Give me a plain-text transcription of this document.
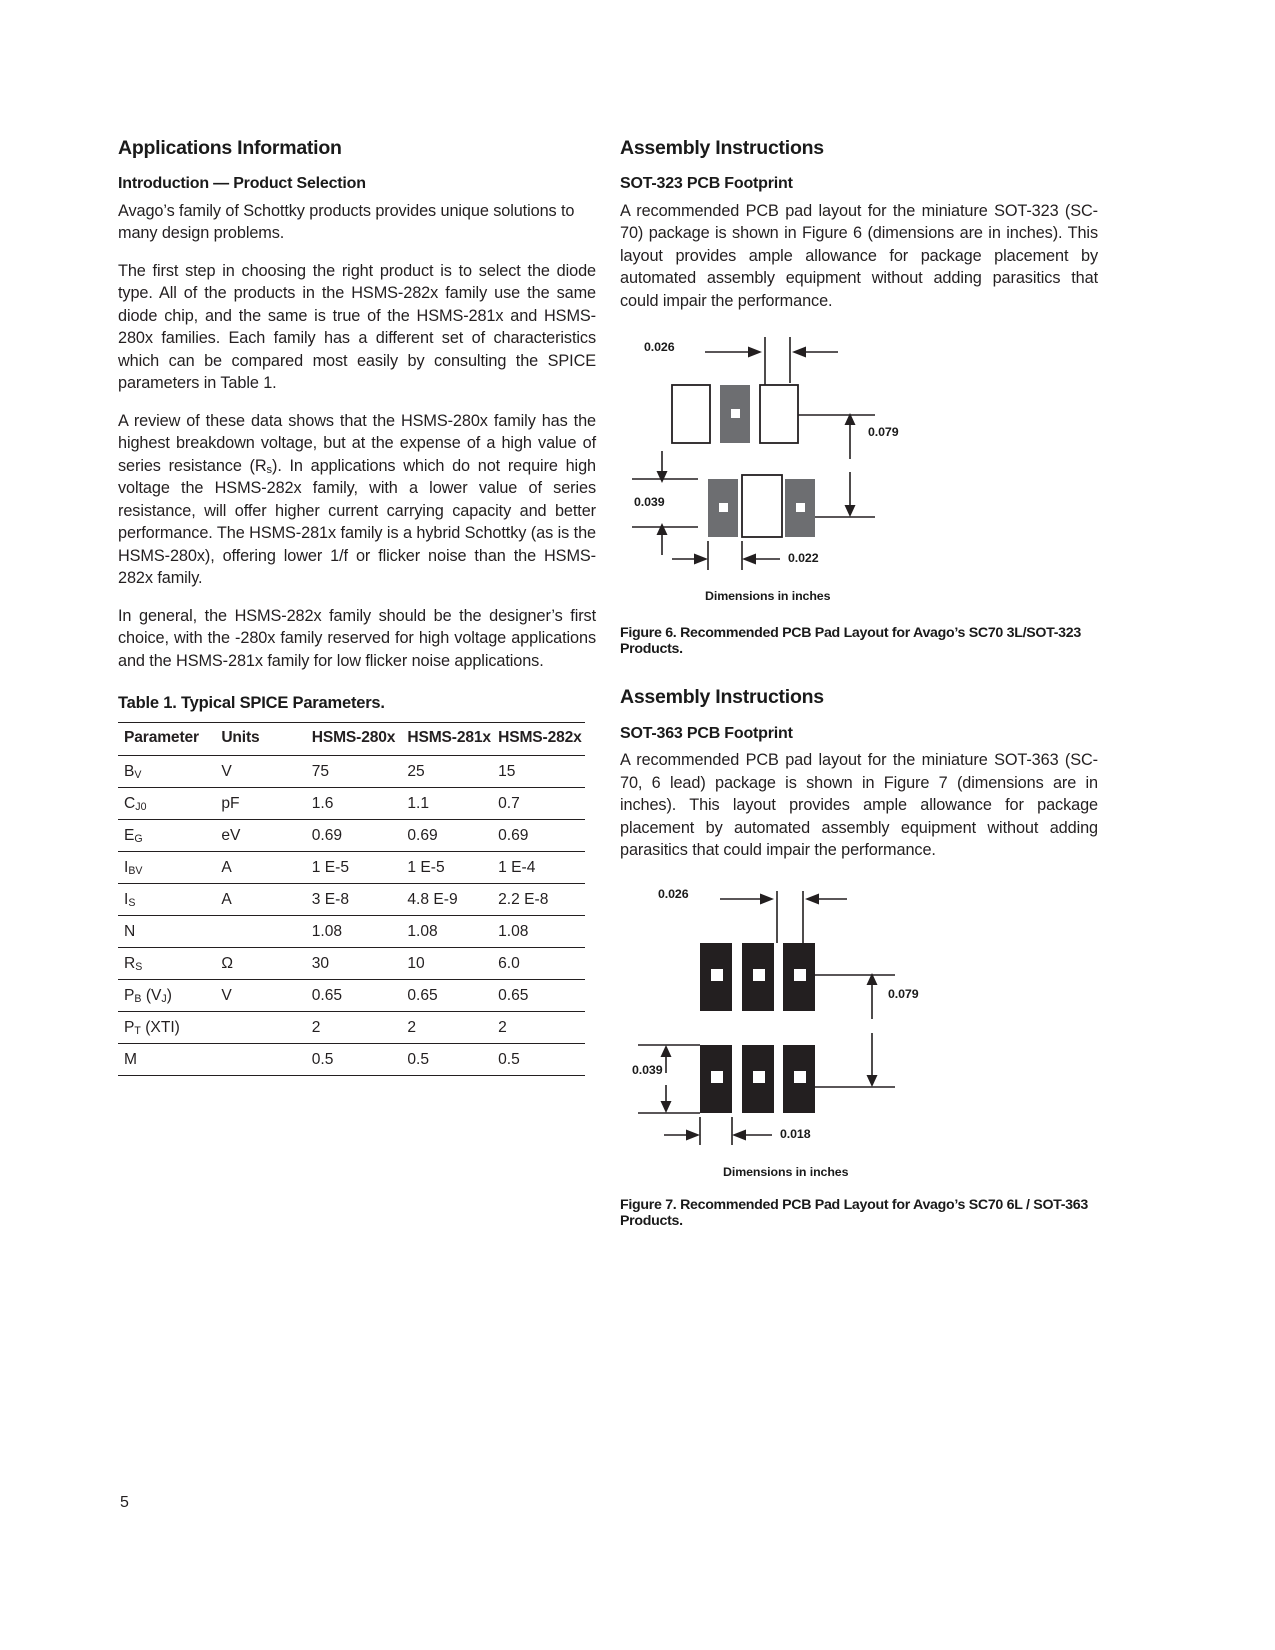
Applications Information
Introduction — Product Selection

Avago’s family of Schottky products provides unique solutions to many design problems.

The first step in choosing the right product is to select the diode type. All of the products in the HSMS-282x family use the same diode chip, and the same is true of the HSMS-281x and HSMS-280x families. Each family has a different set of characteristics which can be compared most easily by consulting the SPICE parameters in Table 1.

A review of these data shows that the HSMS-280x family has the highest breakdown voltage, but at the expense of a high value of series resistance $(R_s)$. In applications which do not require high voltage the HSMS-282x family, with a lower value of series resistance, will offer higher current carrying capacity and better performance. The HSMS-281x family is a hybrid Schottky (as is the HSMS-280x), offering lower 1/f or flicker noise than the HSMS-282x family.

In general, the HSMS-282x family should be the designer’s first choice, with the -280x family reserved for high voltage applications and the HSMS-281x family for low flicker noise applications.

Table 1. Typical SPICE Parameters.
Parameter	Units	HSMS-280x	HSMS-281x	HSMS-282x
$B_V$	V	75	25	15
$C_{J0}$	pF	1.6	1.1	0.7
$E_G$	eV	0.69	0.69	0.69
$I_{BV}$	A	1 E-5	1 E-5	1 E-4
$I_S$	A	3 E-8	4.8 E-9	2.2 E-8
N		1.08	1.08	1.08
$R_S$	Ω	30	10	6.0
$P_B$ $(V_J)$	V	0.65	0.65	0.65
$P_T$ (XTI)		2	2	2
M		0.5	0.5	0.5
Assembly Instructions
SOT-323 PCB Footprint

A recommended PCB pad layout for the miniature SOT-323 (SC-70) package is shown in Figure 6 (dimensions are in inches). This layout provides ample allowance for package placement by automated assembly equipment without adding parasitics that could impair the performance.

0.026
0.079
0.039
0.022
Dimensions in inches
Figure 6. Recommended PCB Pad Layout for Avago’s SC70 3L/SOT-323 Products.
Assembly Instructions
SOT-363 PCB Footprint

A recommended PCB pad layout for the miniature SOT-363 (SC-70, 6 lead) package is shown in Figure 7 (dimensions are in inches). This layout provides ample allowance for package placement by automated assembly equipment without adding parasitics that could impair the performance.

0.026
0.079
0.039
0.018
Dimensions in inches
Figure 7. Recommended PCB Pad Layout for Avago’s SC70 6L / SOT-363 Products.
5
